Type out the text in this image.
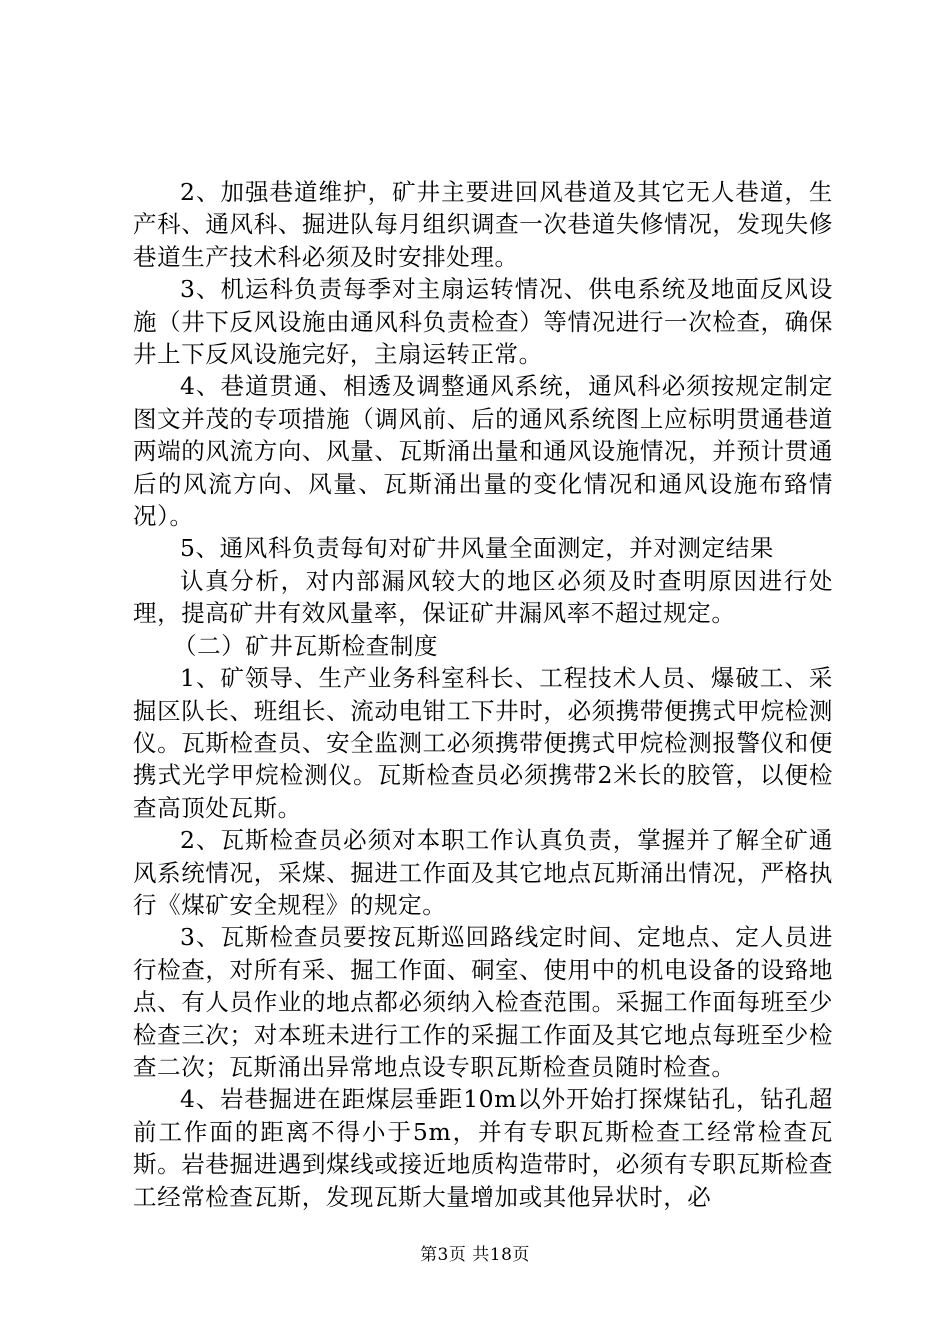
2、加强巷道维护，矿井主要进回风巷道及其它无人巷道，生产科、通风科、掘进队每月组织调查一次巷道失修情况，发现失修巷道生产技术科必须及时安排处理。

3、机运科负责每季对主扇运转情况、供电系统及地面反风设施（井下反风设施由通风科负责检查）等情况进行一次检查，确保井上下反风设施完好，主扇运转正常。

4、巷道贯通、相透及调整通风系统，通风科必须按规定制定图文并茂的专项措施（调风前、后的通风系统图上应标明贯通巷道两端的风流方向、风量、瓦斯涌出量和通风设施情况，并预计贯通后的风流方向、风量、瓦斯涌出量的变化情况和通风设施布臵情况）。

5、通风科负责每旬对矿井风量全面测定，并对测定结果

认真分析，对内部漏风较大的地区必须及时查明原因进行处理，提高矿井有效风量率，保证矿井漏风率不超过规定。

（二）矿井瓦斯检查制度

1、矿领导、生产业务科室科长、工程技术人员、爆破工、采掘区队长、班组长、流动电钳工下井时，必须携带便携式甲烷检测仪。瓦斯检查员、安全监测工必须携带便携式甲烷检测报警仪和便携式光学甲烷检测仪。瓦斯检查员必须携带2米长的胶管，以便检查高顶处瓦斯。

2、瓦斯检查员必须对本职工作认真负责，掌握并了解全矿通风系统情况，采煤、掘进工作面及其它地点瓦斯涌出情况，严格执行《煤矿安全规程》的规定。

3、瓦斯检查员要按瓦斯巡回路线定时间、定地点、定人员进行检查，对所有采、掘工作面、硐室、使用中的机电设备的设臵地点、有人员作业的地点都必须纳入检查范围。采掘工作面每班至少检查三次；对本班未进行工作的采掘工作面及其它地点每班至少检查二次；瓦斯涌出异常地点设专职瓦斯检查员随时检查。

4、岩巷掘进在距煤层垂距10m以外开始打探煤钻孔，钻孔超前工作面的距离不得小于5m，并有专职瓦斯检查工经常检查瓦斯。岩巷掘进遇到煤线或接近地质构造带时，必须有专职瓦斯检查工经常检查瓦斯，发现瓦斯大量增加或其他异状时，必

第3页 共18页
